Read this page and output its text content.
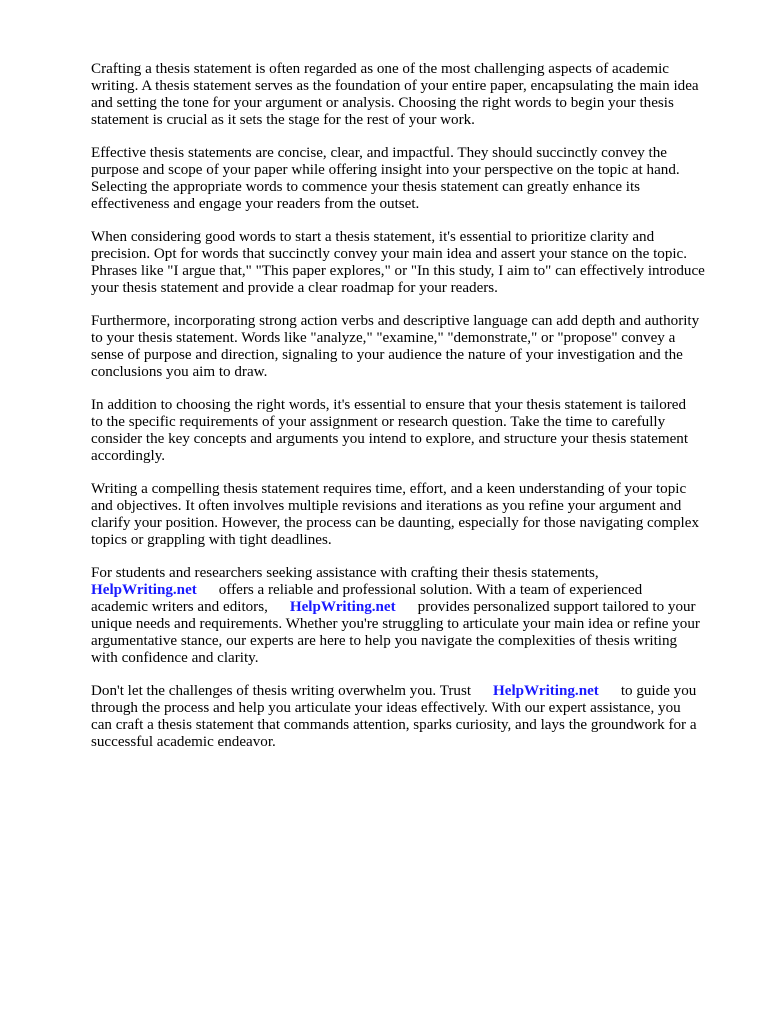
Crafting a thesis statement is often regarded as one of the most challenging aspects of academic
writing. A thesis statement serves as the foundation of your entire paper, encapsulating the main idea
and setting the tone for your argument or analysis. Choosing the right words to begin your thesis
statement is crucial as it sets the stage for the rest of your work.

Effective thesis statements are concise, clear, and impactful. They should succinctly convey the
purpose and scope of your paper while offering insight into your perspective on the topic at hand.
Selecting the appropriate words to commence your thesis statement can greatly enhance its
effectiveness and engage your readers from the outset.

When considering good words to start a thesis statement, it's essential to prioritize clarity and
precision. Opt for words that succinctly convey your main idea and assert your stance on the topic.
Phrases like "I argue that," "This paper explores," or "In this study, I aim to" can effectively introduce
your thesis statement and provide a clear roadmap for your readers.

Furthermore, incorporating strong action verbs and descriptive language can add depth and authority
to your thesis statement. Words like "analyze," "examine," "demonstrate," or "propose" convey a
sense of purpose and direction, signaling to your audience the nature of your investigation and the
conclusions you aim to draw.

In addition to choosing the right words, it's essential to ensure that your thesis statement is tailored
to the specific requirements of your assignment or research question. Take the time to carefully
consider the key concepts and arguments you intend to explore, and structure your thesis statement
accordingly.

Writing a compelling thesis statement requires time, effort, and a keen understanding of your topic
and objectives. It often involves multiple revisions and iterations as you refine your argument and
clarify your position. However, the process can be daunting, especially for those navigating complex
topics or grappling with tight deadlines.

For students and researchers seeking assistance with crafting their thesis statements,
HelpWriting.net offers a reliable and professional solution. With a team of experienced
academic writers and editors, HelpWriting.net provides personalized support tailored to your
unique needs and requirements. Whether you're struggling to articulate your main idea or refine your
argumentative stance, our experts are here to help you navigate the complexities of thesis writing
with confidence and clarity.

Don't let the challenges of thesis writing overwhelm you. Trust HelpWriting.net to guide you
through the process and help you articulate your ideas effectively. With our expert assistance, you
can craft a thesis statement that commands attention, sparks curiosity, and lays the groundwork for a
successful academic endeavor.
